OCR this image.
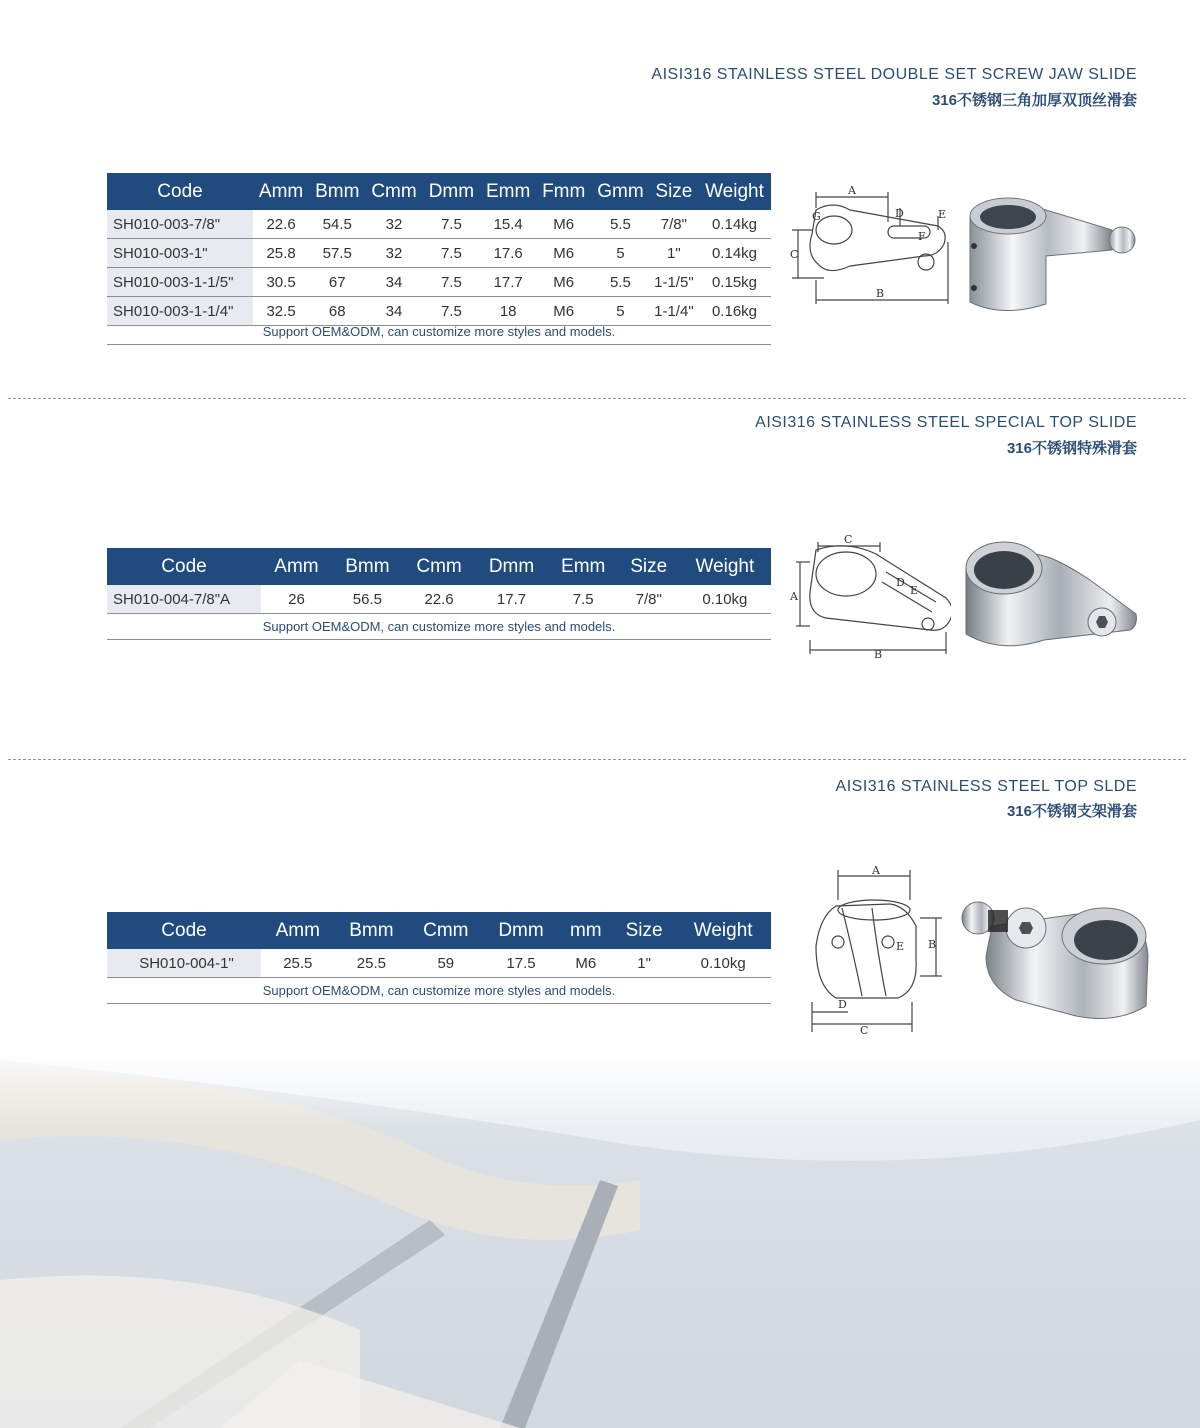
AISI316 STAINLESS STEEL DOUBLE SET SCREW JAW SLIDE
316不锈钢三角加厚双顶丝滑套
Code	Amm	Bmm	Cmm	Dmm	Emm	Fmm	Gmm	Size	Weight
SH010-003-7/8"	22.6	54.5	32	7.5	15.4	M6	5.5	7/8"	0.14kg
SH010-003-1"	25.8	57.5	32	7.5	17.6	M6	5	1"	0.14kg
SH010-003-1-1/5"	30.5	67	34	7.5	17.7	M6	5.5	1-1/5"	0.15kg
SH010-003-1-1/4"	32.5	68	34	7.5	18	M6	5	1-1/4"	0.16kg
Support OEM&ODM, can customize more styles and models.
A
B
C
D	E
F
G
AISI316 STAINLESS STEEL SPECIAL TOP SLIDE
316不锈钢特殊滑套
Code	Amm	Bmm	Cmm	Dmm	Emm	Size	Weight
SH010-004-7/8"A	26	56.5	22.6	17.7	7.5	7/8"	0.10kg
Support OEM&ODM, can customize more styles and models.
A
B
C
D
E
AISI316 STAINLESS STEEL TOP SLDE
316不锈钢支架滑套
Code	Amm	Bmm	Cmm	Dmm	mm	Size	Weight
SH010-004-1"	25.5	25.5	59	17.5	M6	1"	0.10kg
Support OEM&ODM, can customize more styles and models.
A
B
C
D
E
